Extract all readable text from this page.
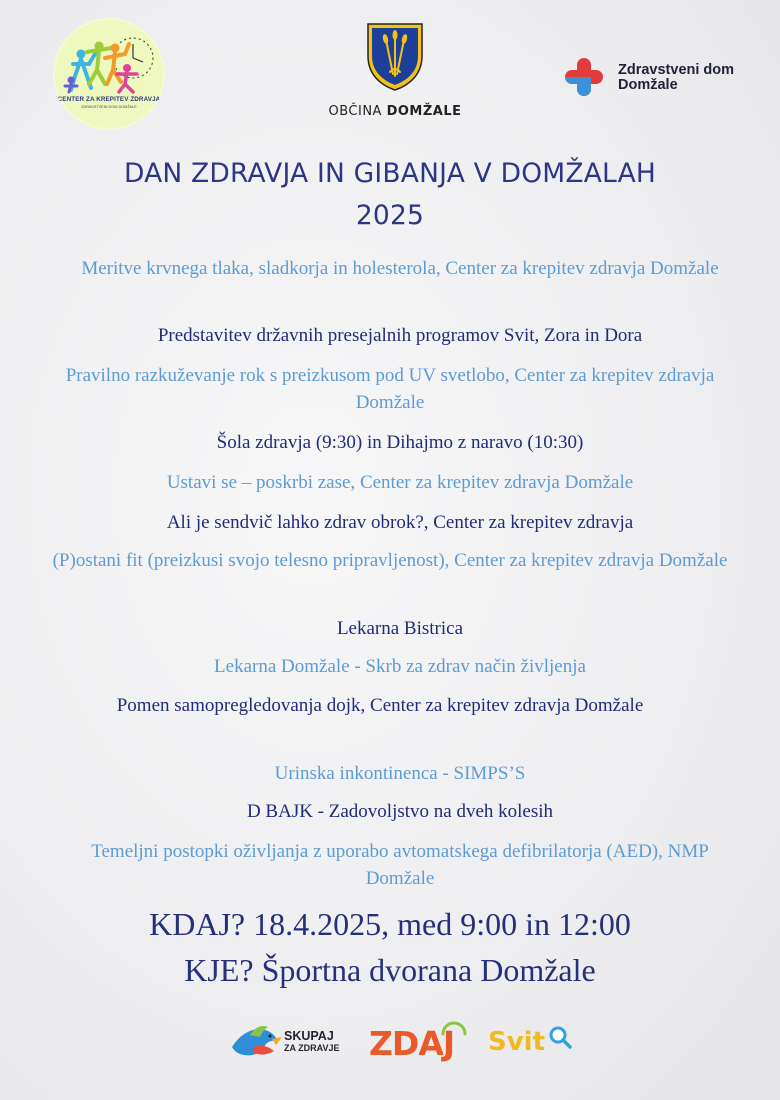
CENTER ZA KREPITEV ZDRAVJA
ZDRAVSTVENI DOM DOMŽALE	OBČINA DOMŽALE
Zdravstveni dom
Domžale
DAN ZDRAVJA IN GIBANJA V DOMŽALAH
2025
Meritve krvnega tlaka, sladkorja in holesterola, Center za krepitev zdravja Domžale
Predstavitev državnih presejalnih programov Svit, Zora in Dora
Pravilno razkuževanje rok s preizkusom pod UV svetlobo, Center za krepitev zdravja Domžale
Šola zdravja (9:30) in Dihajmo z naravo (10:30)
Ustavi se – poskrbi zase, Center za krepitev zdravja Domžale
Ali je sendvič lahko zdrav obrok?, Center za krepitev zdravja
(P)ostani fit (preizkusi svojo telesno pripravljenost), Center za krepitev zdravja Domžale
Lekarna Bistrica
Lekarna Domžale - Skrb za zdrav način življenja
Pomen samopregledovanja dojk, Center za krepitev zdravja Domžale
Urinska inkontinenca - SIMPS’S
D BAJK - Zadovoljstvo na dveh kolesih
Temeljni postopki oživljanja z uporabo avtomatskega defibrilatorja (AED), NMP Domžale
KDAJ? 18.4.2025, med 9:00 in 12:00
KJE? Športna dvorana Domžale
SKUPAJ
ZA ZDRAVJE ZDAJ	Svit
